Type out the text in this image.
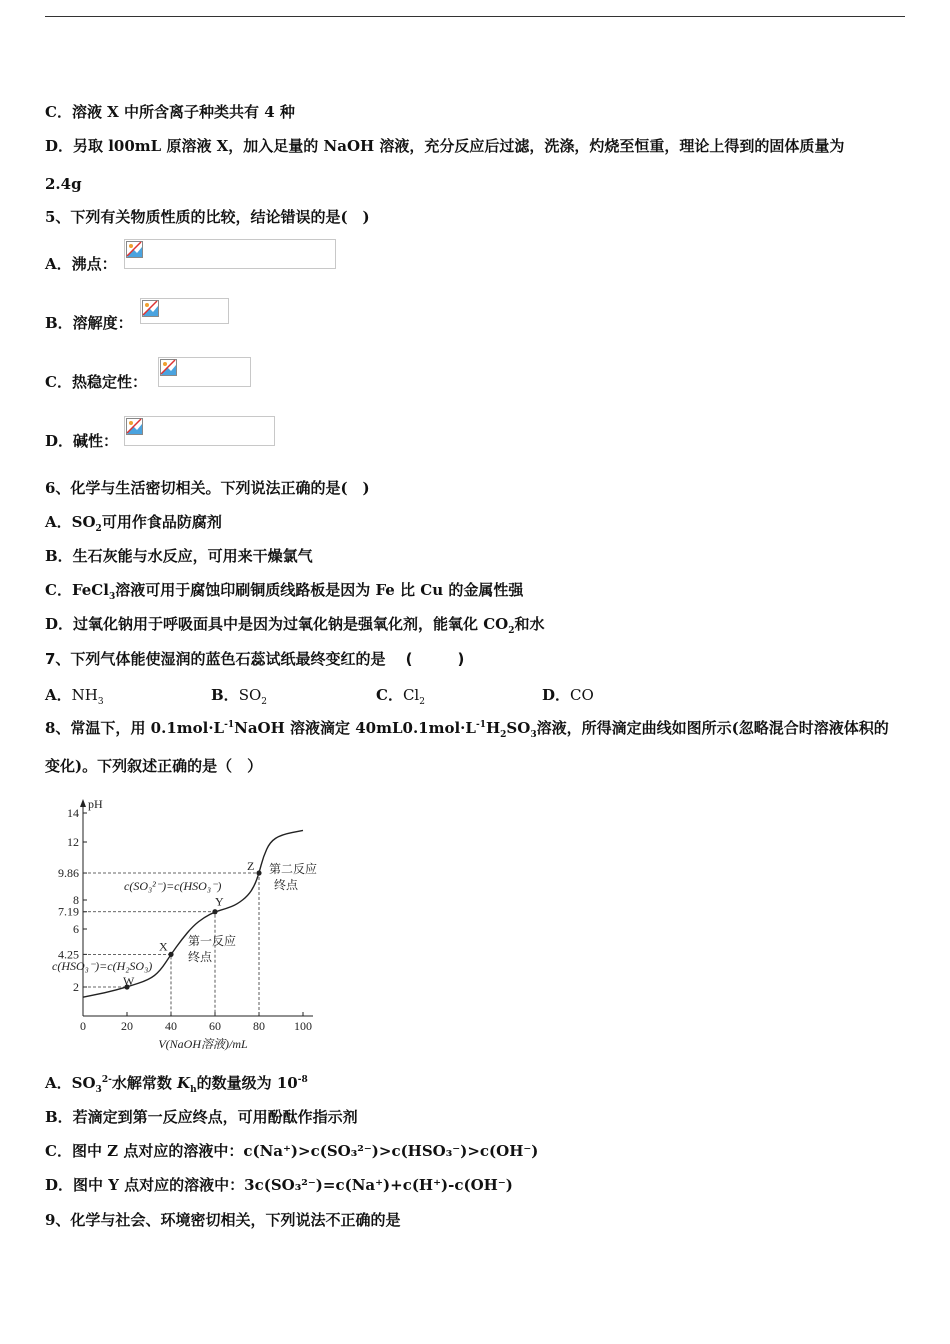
C．溶液 X 中所含离子种类共有 4 种
D．另取 l00mL 原溶液 X，加入足量的 NaOH 溶液，充分反应后过滤，洗涤，灼烧至恒重，理论上得到的固体质量为
2.4g
5、下列有关物质性质的比较，结论错误的是(　)
A．沸点：
B．溶解度：
C．热稳定性：
D．碱性：
6、化学与生活密切相关。下列说法正确的是(　)
A．$SO_2$可用作食品防腐剂
B．生石灰能与水反应，可用来干燥氯气
C．FeCl$_3$溶液可用于腐蚀印刷铜质线路板是因为 Fe 比 Cu 的金属性强
D．过氧化钠用于呼吸面具中是因为过氧化钠是强氧化剂，能氧化 $CO_2$和水
7、下列气体能使湿润的蓝色石蕊试纸最终变红的是　 (　　　)
A．$NH_3$	B．$SO_2$	C．$Cl_2$	D．CO
8、常温下，用 $0.1mol\cdot L^{-1}NaOH$ 溶液滴定 $40mL0.1mol\cdot L^{-1}H_2SO_3$溶液，所得滴定曲线如图所示(忽略混合时溶液体积的
变化)。下列叙述正确的是（　）
pH
V(NaOH溶液)/mL
0	20	40	60	80 100
2
4.25
6
7.19
8
9.86
12
14
W
X
Y
Z
第一反应
终点
第二反应
终点
c(HSO₃⁻)=c(H₂SO₃)
c(SO₃²⁻)=c(HSO₃⁻)
A．$SO_3^{2-}$水解常数 $K_h$的数量级为 $10^{-8}$
B．若滴定到第一反应终点，可用酚酞作指示剂
C．图中 Z 点对应的溶液中：c(Na⁺)>c(SO₃²⁻)>c(HSO₃⁻)>c(OH⁻)
D．图中 Y 点对应的溶液中：3c(SO₃²⁻)=c(Na⁺)+c(H⁺)-c(OH⁻)
9、化学与社会、环境密切相关，下列说法不正确的是
